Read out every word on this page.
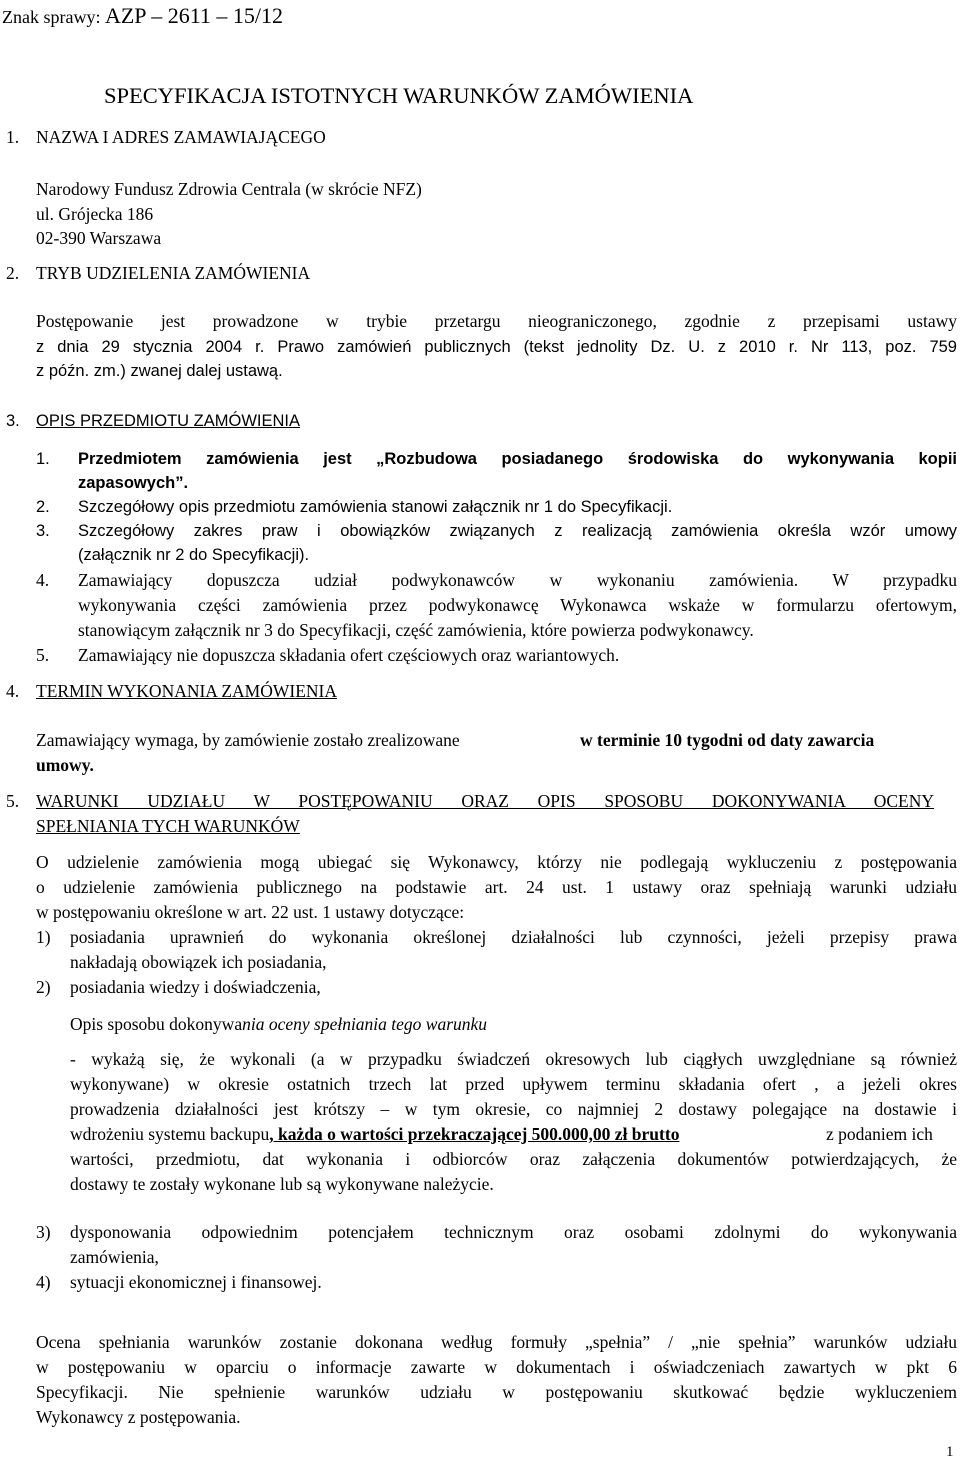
Znak sprawy: AZP – 2611 – 15/12
SPECYFIKACJA ISTOTNYCH WARUNKÓW ZAMÓWIENIA
1. NAZWA I ADRES ZAMAWIAJĄCEGO
Narodowy Fundusz Zdrowia Centrala (w skrócie NFZ)
ul. Grójecka 186
02-390 Warszawa
2. TRYB UDZIELENIA ZAMÓWIENIA
Postępowanie jest prowadzone w trybie przetargu nieograniczonego, zgodnie z przepisami ustawy
z dnia 29 stycznia 2004 r. Prawo zamówień publicznych (tekst jednolity Dz. U. z 2010 r. Nr 113, poz. 759
z późn. zm.) zwanej dalej ustawą.
3. OPIS PRZEDMIOTU ZAMÓWIENIA
1. Przedmiotem zamówienia jest „Rozbudowa posiadanego środowiska do wykonywania kopii
zapasowych”.
2. Szczegółowy opis przedmiotu zamówienia stanowi załącznik nr 1 do Specyfikacji.
3. Szczegółowy zakres praw i obowiązków związanych z realizacją zamówienia określa wzór umowy
(załącznik nr 2 do Specyfikacji).
4. Zamawiający dopuszcza udział podwykonawców w wykonaniu zamówienia. W przypadku
wykonywania części zamówienia przez podwykonawcę Wykonawca wskaże w formularzu ofertowym,
stanowiącym załącznik nr 3 do Specyfikacji, część zamówienia, które powierza podwykonawcy.
5. Zamawiający nie dopuszcza składania ofert częściowych oraz wariantowych.
4. TERMIN WYKONANIA ZAMÓWIENIA
Zamawiający wymaga, by zamówienie zostało zrealizowane	w terminie 10 tygodni od daty zawarcia
umowy.
5. WARUNKI UDZIAŁU W POSTĘPOWANIU ORAZ OPIS SPOSOBU DOKONYWANIA OCENY
SPEŁNIANIA TYCH WARUNKÓW
O udzielenie zamówienia mogą ubiegać się Wykonawcy, którzy nie podlegają wykluczeniu z postępowania
o udzielenie zamówienia publicznego na podstawie art. 24 ust. 1 ustawy oraz spełniają warunki udziału
w postępowaniu określone w art. 22 ust. 1 ustawy dotyczące:
1) posiadania uprawnień do wykonania określonej działalności lub czynności, jeżeli przepisy prawa
nakładają obowiązek ich posiadania,
2) posiadania wiedzy i doświadczenia,
Opis sposobu dokonywania oceny spełniania tego warunku
- wykażą się, że wykonali (a w przypadku świadczeń okresowych lub ciągłych uwzględniane są również
wykonywane) w okresie ostatnich trzech lat przed upływem terminu składania ofert , a jeżeli okres
prowadzenia działalności jest krótszy – w tym okresie, co najmniej 2 dostawy polegające na dostawie i
wdrożeniu systemu backupu, każda o wartości przekraczającej 500.000,00 zł brutto	z podaniem ich
wartości, przedmiotu, dat wykonania i odbiorców oraz załączenia dokumentów potwierdzających, że
dostawy te zostały wykonane lub są wykonywane należycie.
3) dysponowania odpowiednim potencjałem technicznym oraz osobami zdolnymi do wykonywania
zamówienia,
4) sytuacji ekonomicznej i finansowej.
Ocena spełniania warunków zostanie dokonana według formuły „spełnia” / „nie spełnia” warunków udziału
w postępowaniu w oparciu o informacje zawarte w dokumentach i oświadczeniach zawartych w pkt 6
Specyfikacji. Nie spełnienie warunków udziału w postępowaniu skutkować będzie wykluczeniem
Wykonawcy z postępowania.
1
